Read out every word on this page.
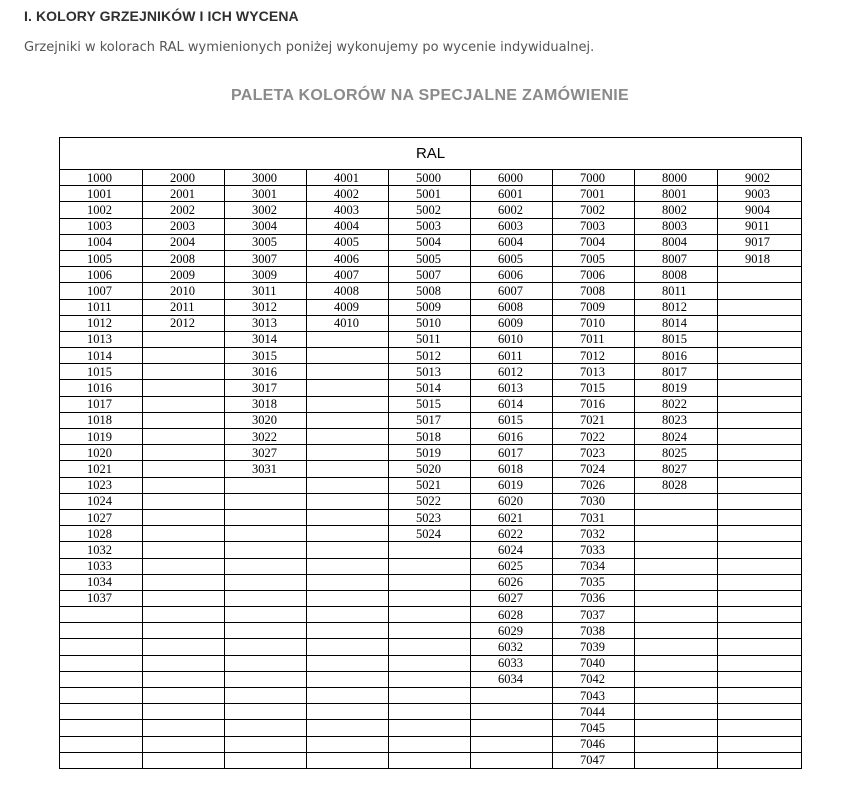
I. KOLORY GRZEJNIKÓW I ICH WYCENA

Grzejniki w kolorach RAL wymienionych poniżej wykonujemy po wycenie indywidualnej.

PALETA KOLORÓW NA SPECJALNE ZAMÓWIENIE
RAL								
1000	2000	3000	4001	5000	6000	7000	8000	9002
1001	2001	3001	4002	5001	6001	7001	8001	9003
1002	2002	3002	4003	5002	6002	7002	8002	9004
1003	2003	3004	4004	5003	6003	7003	8003	9011
1004	2004	3005	4005	5004	6004	7004	8004	9017
1005	2008	3007	4006	5005	6005	7005	8007	9018
1006	2009	3009	4007	5007	6006	7006	8008	
1007	2010	3011	4008	5008	6007	7008	8011	
1011	2011	3012	4009	5009	6008	7009	8012	
1012	2012	3013	4010	5010	6009	7010	8014	
1013		3014		5011	6010	7011	8015	
1014		3015		5012	6011	7012	8016	
1015		3016		5013	6012	7013	8017	
1016		3017		5014	6013	7015	8019	
1017		3018		5015	6014	7016	8022	
1018		3020		5017	6015	7021	8023	
1019		3022		5018	6016	7022	8024	
1020		3027		5019	6017	7023	8025	
1021		3031		5020	6018	7024	8027	
1023				5021	6019	7026	8028	
1024				5022	6020	7030		
1027				5023	6021	7031		
1028				5024	6022	7032		
1032					6024	7033		
1033					6025	7034		
1034					6026	7035		
1037					6027	7036		
					6028	7037		
					6029	7038		
					6032	7039		
					6033	7040		
					6034	7042		
						7043		
						7044		
						7045		
						7046		
						7047		
